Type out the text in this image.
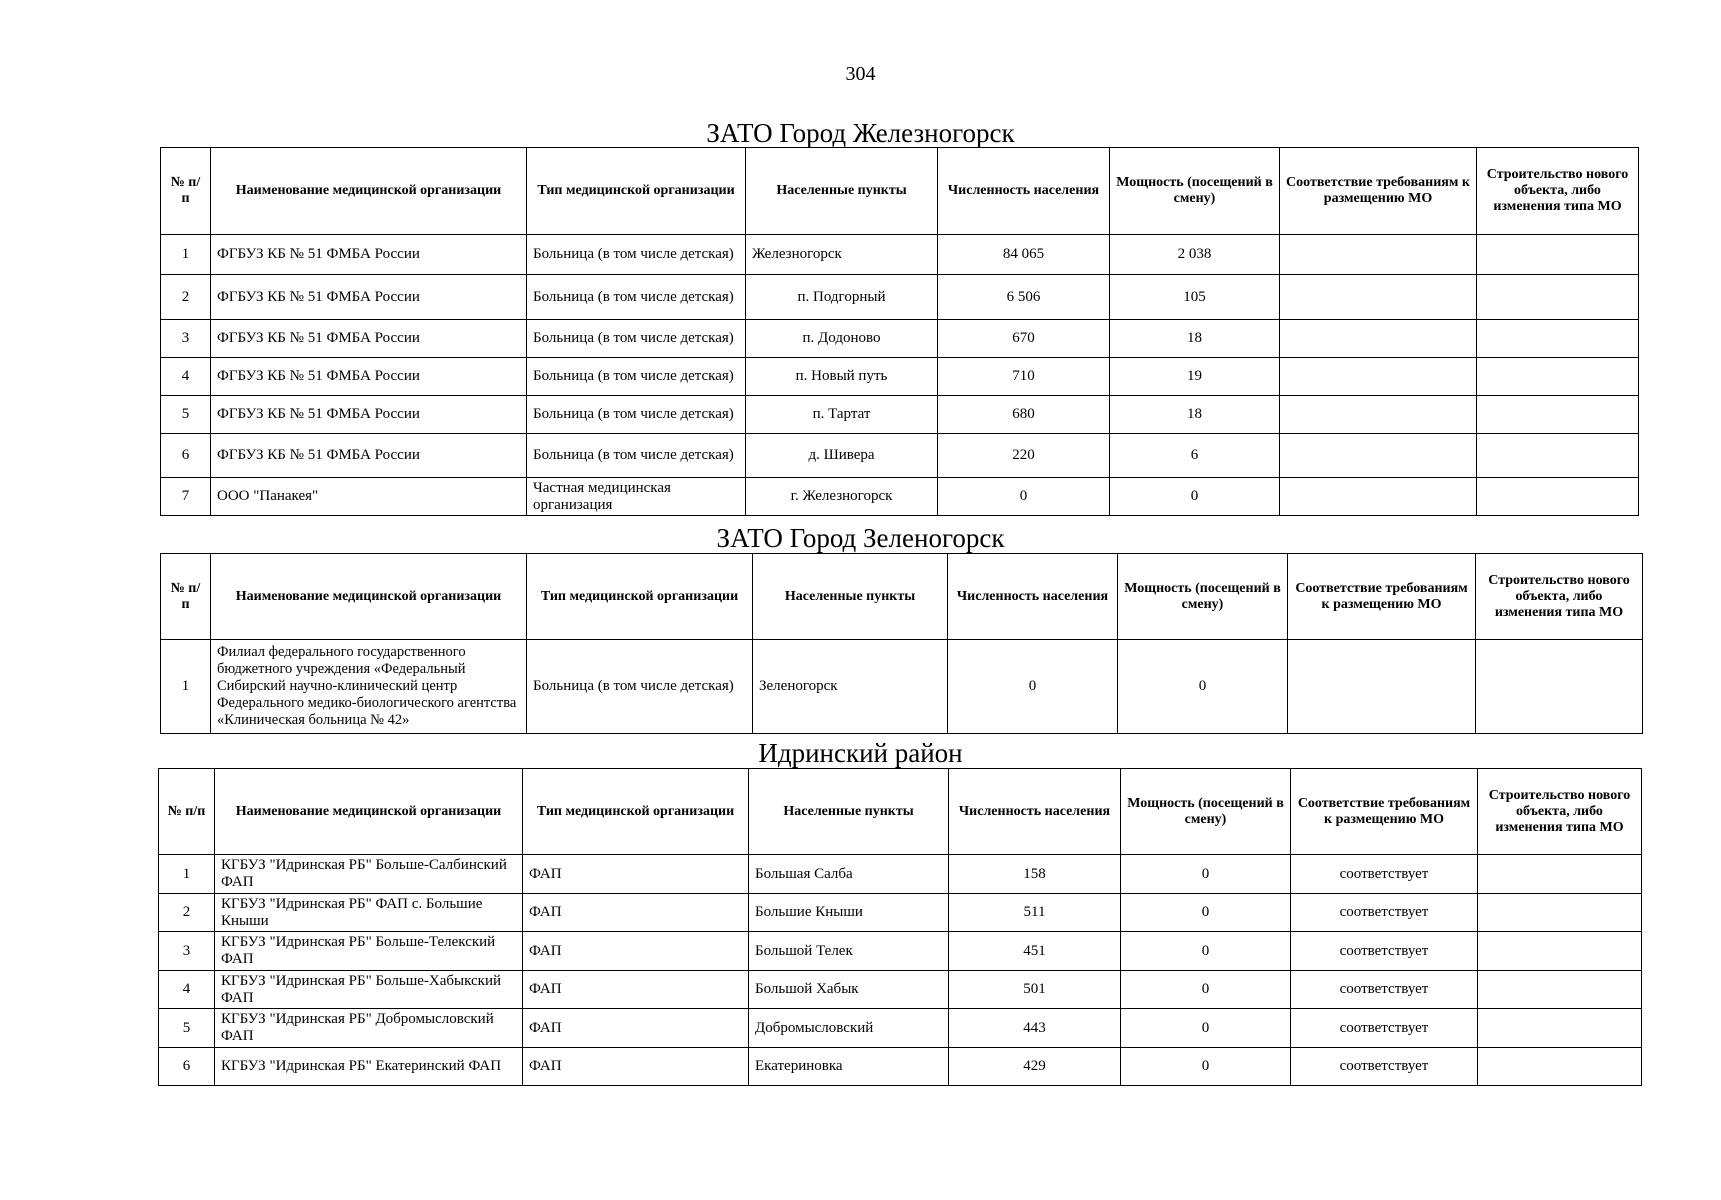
304
ЗАТО Город Железногорск
№ п/п	Наименование медицинской организации	Тип медицинской организации	Населенные пункты	Численность населения	Мощность (посещений в смену)	Соответствие требованиям к размещению МО	Строительство нового объекта, либо изменения типа МО
1	ФГБУЗ КБ № 51 ФМБА России	Больница (в том числе детская)	Железногорск	84 065	2 038		
2	ФГБУЗ КБ № 51 ФМБА России	Больница (в том числе детская)	п. Подгорный	6 506	105		
3	ФГБУЗ КБ № 51 ФМБА России	Больница (в том числе детская)	п. Додоново	670	18		
4	ФГБУЗ КБ № 51 ФМБА России	Больница (в том числе детская)	п. Новый путь	710	19		
5	ФГБУЗ КБ № 51 ФМБА России	Больница (в том числе детская)	п. Тартат	680	18		
6	ФГБУЗ КБ № 51 ФМБА России	Больница (в том числе детская)	д. Шивера	220	6		
7	ООО "Панакея"	Частная медицинская организация	г. Железногорск	0	0		
ЗАТО Город Зеленогорск
№ п/п	Наименование медицинской организации	Тип медицинской организации	Населенные пункты	Численность населения	Мощность (посещений в смену)	Соответствие требованиям к размещению МО	Строительство нового объекта, либо изменения типа МО
1	Филиал федерального государственного бюджетного учреждения «Федеральный Сибирский научно-клинический центр Федерального медико-биологического агентства «Клиническая больница № 42»	Больница (в том числе детская)	Зеленогорск	0	0		
Идринский район
№ п/п	Наименование медицинской организации	Тип медицинской организации	Населенные пункты	Численность населения	Мощность (посещений в смену)	Соответствие требованиям к размещению МО	Строительство нового объекта, либо изменения типа МО
1	КГБУЗ "Идринская РБ" Больше-Салбинский ФАП	ФАП	Большая Салба	158	0	соответствует	
2	КГБУЗ "Идринская РБ" ФАП с. Большие Кныши	ФАП	Большие Кныши	511	0	соответствует	
3	КГБУЗ "Идринская РБ" Больше-Телекский ФАП	ФАП	Большой Телек	451	0	соответствует	
4	КГБУЗ "Идринская РБ" Больше-Хабыкский ФАП	ФАП	Большой Хабык	501	0	соответствует	
5	КГБУЗ "Идринская РБ" Добромысловский ФАП	ФАП	Добромысловский	443	0	соответствует	
6	КГБУЗ "Идринская РБ" Екатеринский ФАП	ФАП	Екатериновка	429	0	соответствует	
